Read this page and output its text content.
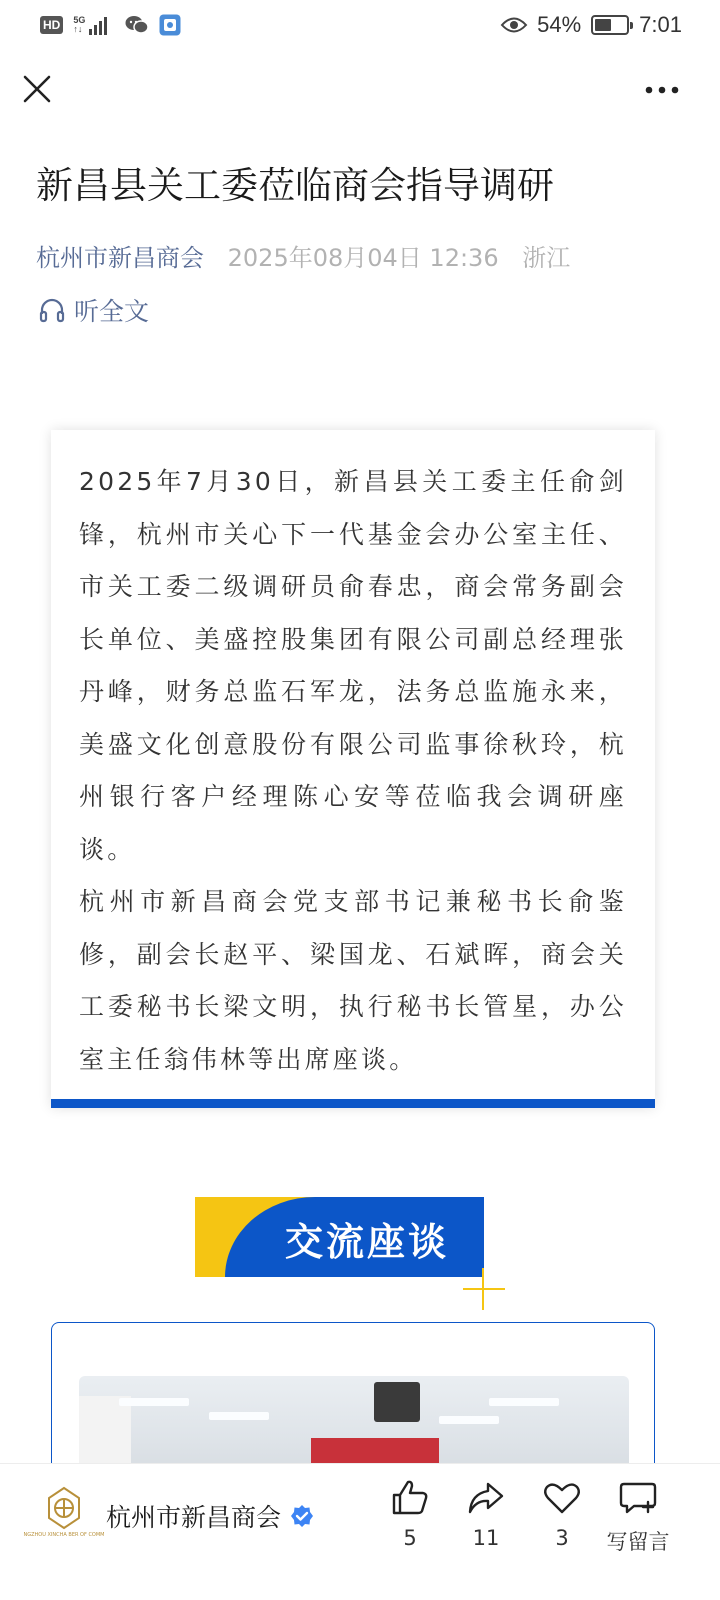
HD	5G
↑↓	54%	7:01
新昌县关工委莅临商会指导调研
杭州市新昌商会 2025年08月04日 12:36 浙江
听全文

2025年7月30日，新昌县关工委主任俞剑锋，杭州市关心下一代基金会办公室主任、市关工委二级调研员俞春忠，商会常务副会长单位、美盛控股集团有限公司副总经理张丹峰，财务总监石军龙，法务总监施永来，美盛文化创意股份有限公司监事徐秋玲，杭州银行客户经理陈心安等莅临我会调研座谈。

杭州市新昌商会党支部书记兼秘书长俞鉴修，副会长赵平、梁国龙、石斌晖，商会关工委秘书长梁文明，执行秘书长管星，办公室主任翁伟林等出席座谈。

交流座谈
NGZHOU XINCHA BER OF COMM
杭州市新昌商会
5	11	3	写留言
